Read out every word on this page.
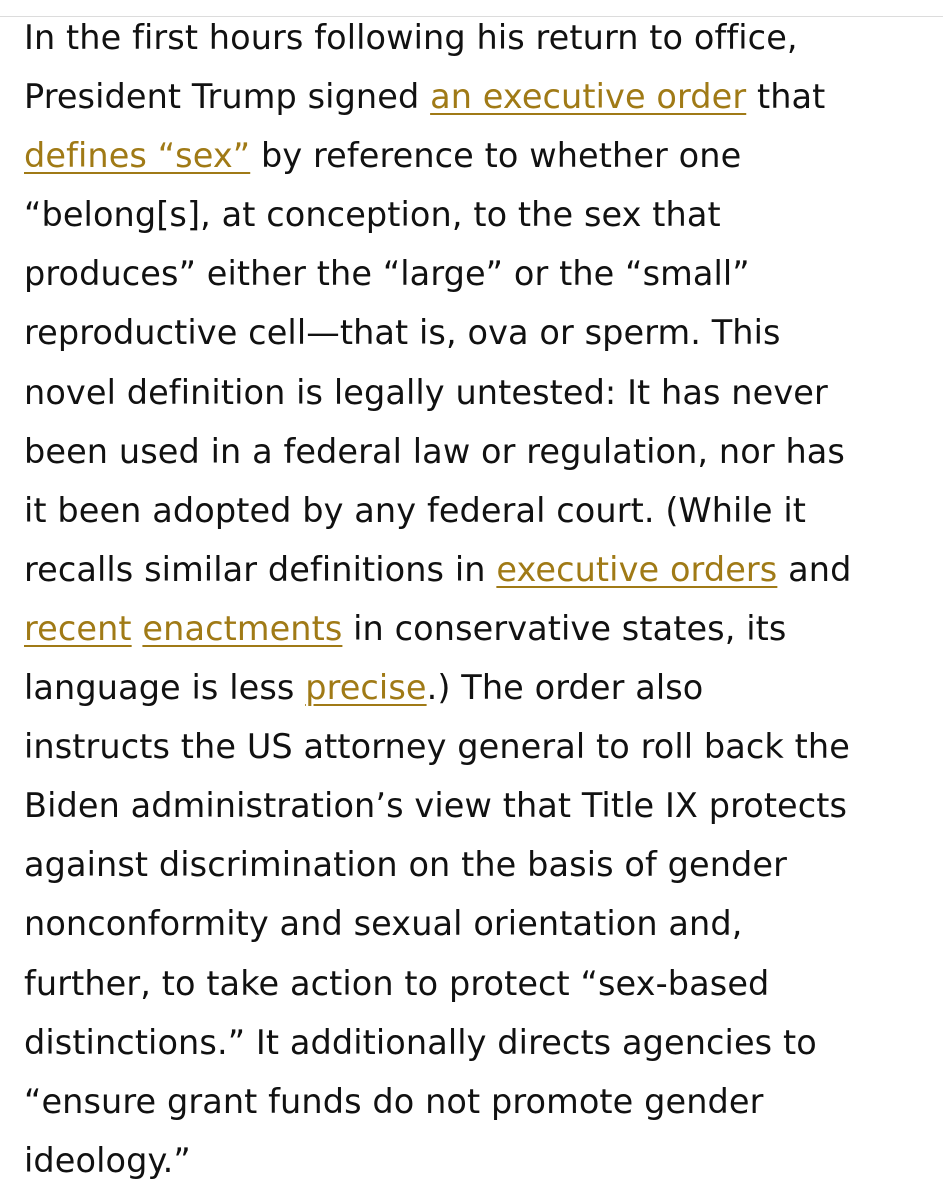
In the first hours following his return to office,
President Trump signed an executive order that
defines “sex” by reference to whether one
“belong[s], at conception, to the sex that
produces” either the “large” or the “small”
reproductive cell—that is, ova or sperm. This
novel definition is legally untested: It has never
been used in a federal law or regulation, nor has
it been adopted by any federal court. (While it
recalls similar definitions in executive orders and
recent enactments in conservative states, its
language is less precise.) The order also
instructs the US attorney general to roll back the
Biden administration’s view that Title IX protects
against discrimination on the basis of gender
nonconformity and sexual orientation and,
further, to take action to protect “sex-based
distinctions.” It additionally directs agencies to
“ensure grant funds do not promote gender
ideology.”
